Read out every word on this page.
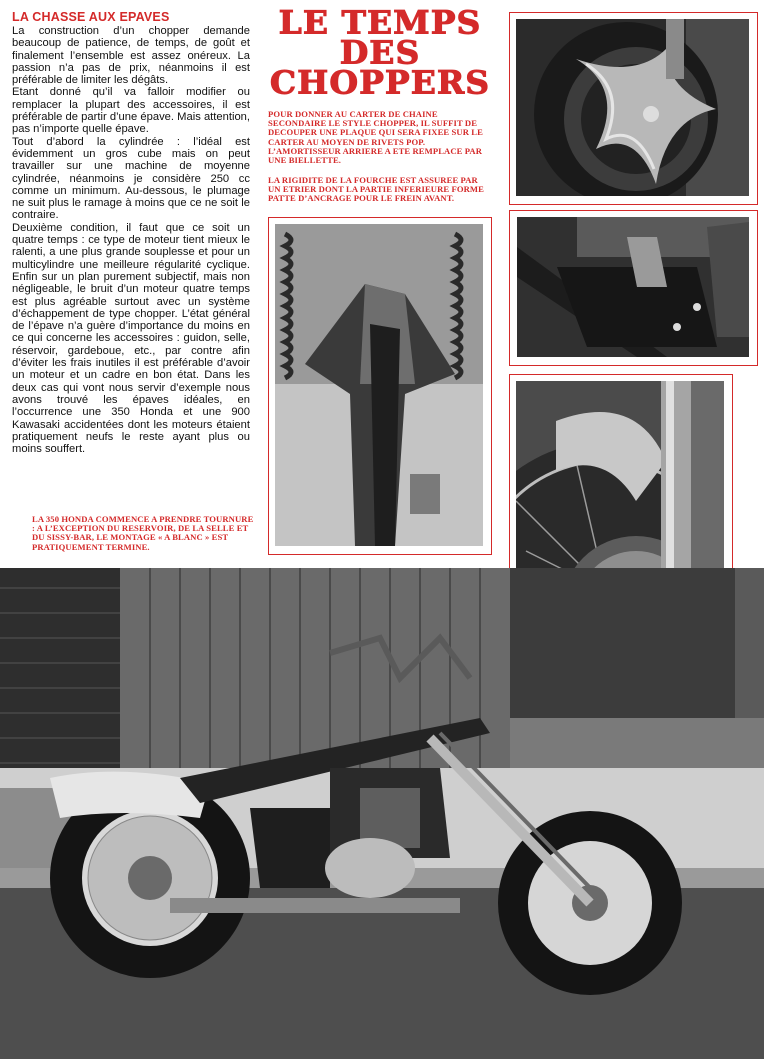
LA CHASSE AUX EPAVES

La construction d’un chopper demande beaucoup de patience, de temps, de goût et finalement l’ensemble est assez onéreux. La passion n’a pas de prix, néanmoins il est préférable de limiter les dégâts.

Etant donné qu’il va falloir modifier ou remplacer la plupart des accessoires, il est préférable de partir d’une épave. Mais attention, pas n’importe quelle épave.

Tout d’abord la cylindrée : l’idéal est évidemment un gros cube mais on peut travailler sur une machine de moyenne cylindrée, néanmoins je considère 250 cc comme un minimum. Au-dessous, le plumage ne suit plus le ramage à moins que ce ne soit le contraire.

Deuxième condition, il faut que ce soit un quatre temps : ce type de moteur tient mieux le ralenti, a une plus grande souplesse et pour un multicylindre une meilleure régularité cyclique. Enfin sur un plan purement subjectif, mais non négligeable, le bruit d’un moteur quatre temps est plus agréable surtout avec un système d’échappement de type chopper. L’état général de l’épave n’a guère d’importance du moins en ce qui concerne les accessoires : guidon, selle, réservoir, gardeboue, etc., par contre afin d’éviter les frais inutiles il est préférable d’avoir un moteur et un cadre en bon état. Dans les deux cas qui vont nous servir d’exemple nous avons trouvé les épaves idéales, en l’occurrence une 350 Honda et une 900 Kawasaki accidentées dont les moteurs étaient pratiquement neufs le reste ayant plus ou moins souffert.

LE TEMPS
DES
CHOPPERS
POUR DONNER AU CARTER DE CHAINE SECONDAIRE LE STYLE CHOPPER, IL SUFFIT DE DECOUPER UNE PLAQUE QUI SERA FIXEE SUR LE CARTER AU MOYEN DE RIVETS POP. L’AMORTISSEUR ARRIERE A ETE REMPLACE PAR UNE BIELLETTE.
LA RIGIDITE DE LA FOURCHE EST ASSUREE PAR UN ETRIER DONT LA PARTIE INFERIEURE FORME PATTE D’ANCRAGE POUR LE FREIN AVANT.
LA 350 HONDA COMMENCE A PRENDRE TOURNURE : A L’EXCEPTION DU RESERVOIR, DE LA SELLE ET DU SISSY-BAR, LE MONTAGE « A BLANC » EST PRATIQUEMENT TERMINE.
